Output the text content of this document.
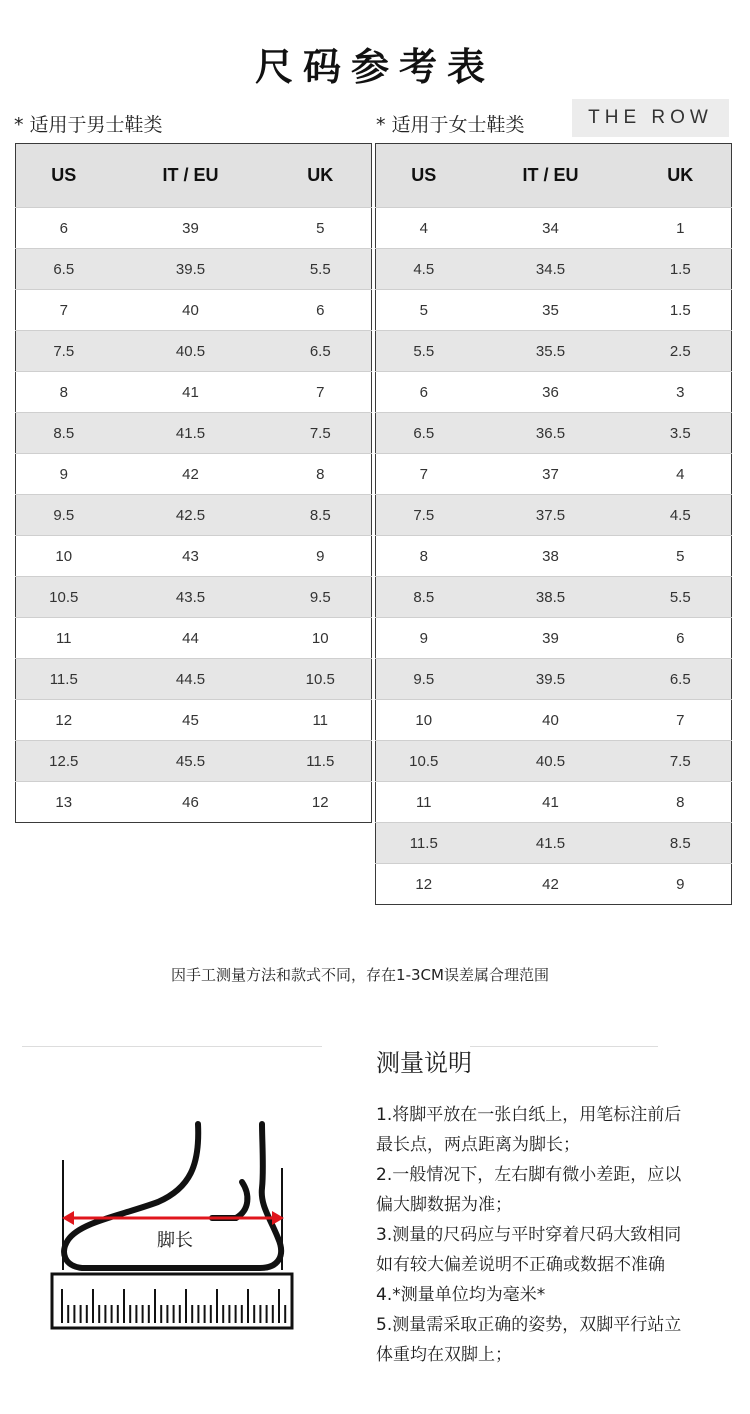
尺码参考表
* 适用于男士鞋类	* 适用于女士鞋类	THE ROW
US	IT / EU	UK
6	39	5
6.5	39.5	5.5
7	40	6
7.5	40.5	6.5
8	41	7
8.5	41.5	7.5
9	42	8
9.5	42.5	8.5
10	43	9
10.5	43.5	9.5
11	44	10
11.5	44.5	10.5
12	45	11
12.5	45.5	11.5
13	46	12
US	IT / EU	UK
4	34	1
4.5	34.5	1.5
5	35	1.5
5.5	35.5	2.5
6	36	3
6.5	36.5	3.5
7	37	4
7.5	37.5	4.5
8	38	5
8.5	38.5	5.5
9	39	6
9.5	39.5	6.5
10	40	7
10.5	40.5	7.5
11	41	8
11.5	41.5	8.5
12	42	9
因手工测量方法和款式不同，存在1-3CM误差属合理范围
测量说明

1.将脚平放在一张白纸上，用笔标注前后最长点，两点距离为脚长；

2.一般情况下，左右脚有微小差距，应以偏大脚数据为准；

3.测量的尺码应与平时穿着尺码大致相同如有较大偏差说明不正确或数据不准确

4.*测量单位均为毫米*

5.测量需采取正确的姿势，双脚平行站立体重均在双脚上；

脚长
